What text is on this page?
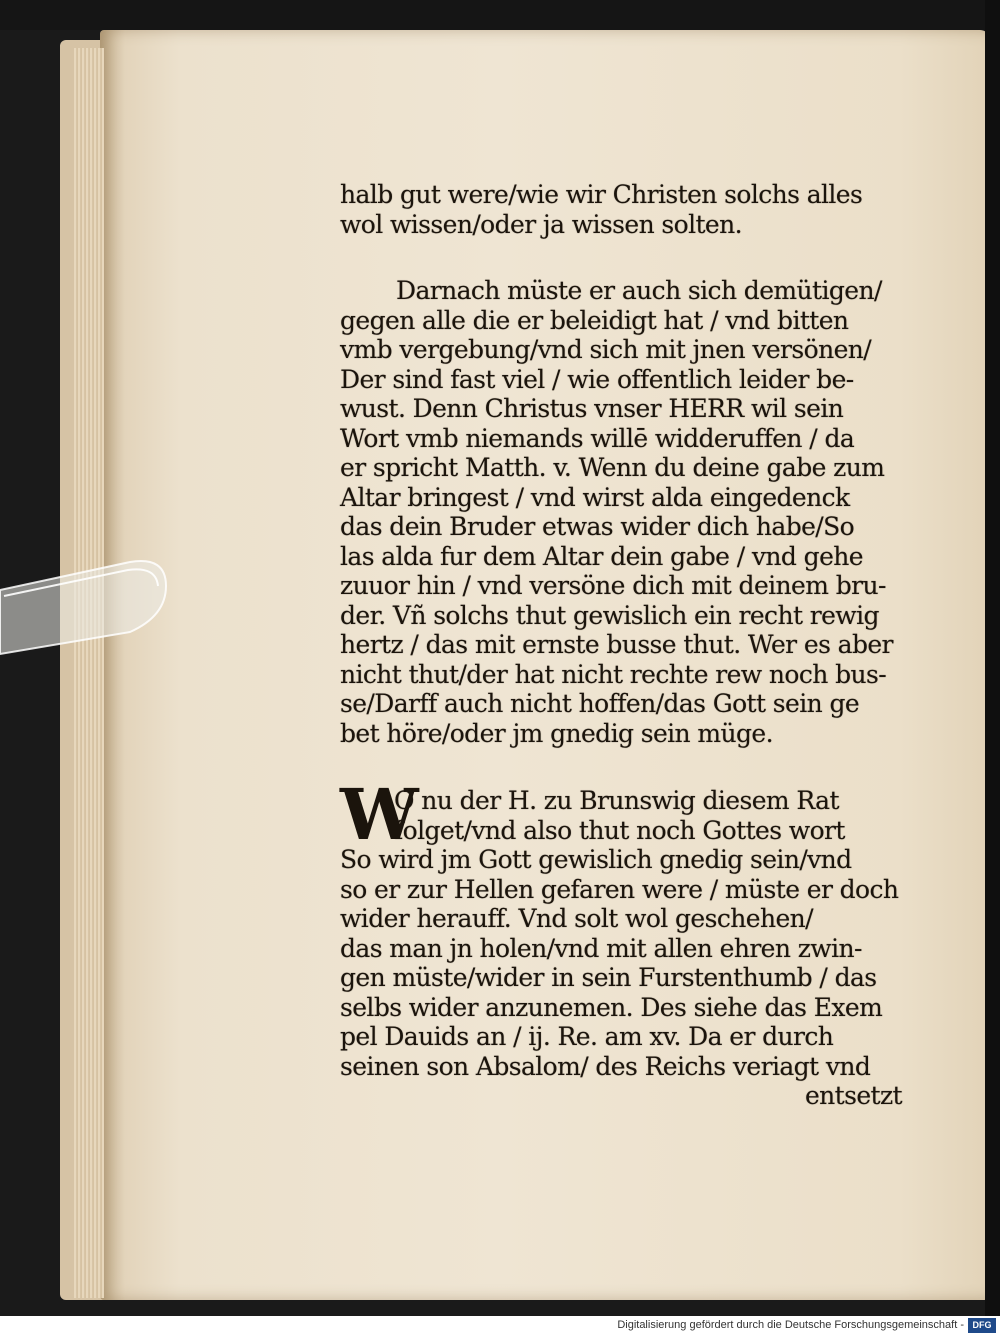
halb gut were/wie wir Christen solchs alles
wol wissen/oder ja wissen solten.
Darnach müste er auch sich demütigen/
gegen alle die er beleidigt hat / vnd bitten
vmb vergebung/vnd sich mit jnen versönen/
Der sind fast viel / wie offentlich leider be-
wust. Denn Christus vnser HERR wil sein
Wort vmb niemands willē widderuffen / da
er spricht Matth. v. Wenn du deine gabe zum
Altar bringest / vnd wirst alda eingedenck
das dein Bruder etwas wider dich habe/So
las alda fur dem Altar dein gabe / vnd gehe
zuuor hin / vnd versöne dich mit deinem bru-
der. Vñ solchs thut gewislich ein recht rewig
hertz / das mit ernste busse thut. Wer es aber
nicht thut/der hat nicht rechte rew noch bus-
se/Darff auch nicht hoffen/das Gott sein ge
bet höre/oder jm gnedig sein müge.
W
O nu der H. zu Brunswig diesem Rat
folget/vnd also thut noch Gottes wort
So wird jm Gott gewislich gnedig sein/vnd
so er zur Hellen gefaren were / müste er doch
wider herauff. Vnd solt wol geschehen/
das man jn holen/vnd mit allen ehren zwin-
gen müste/wider in sein Furstenthumb / das
selbs wider anzunemen. Des siehe das Exem
pel Dauids an / ij. Re. am xv. Da er durch
seinen son Absalom/ des Reichs veriagt vnd
entsetzt
Digitalisierung gefördert durch die Deutsche Forschungsgemeinschaft - DFG
